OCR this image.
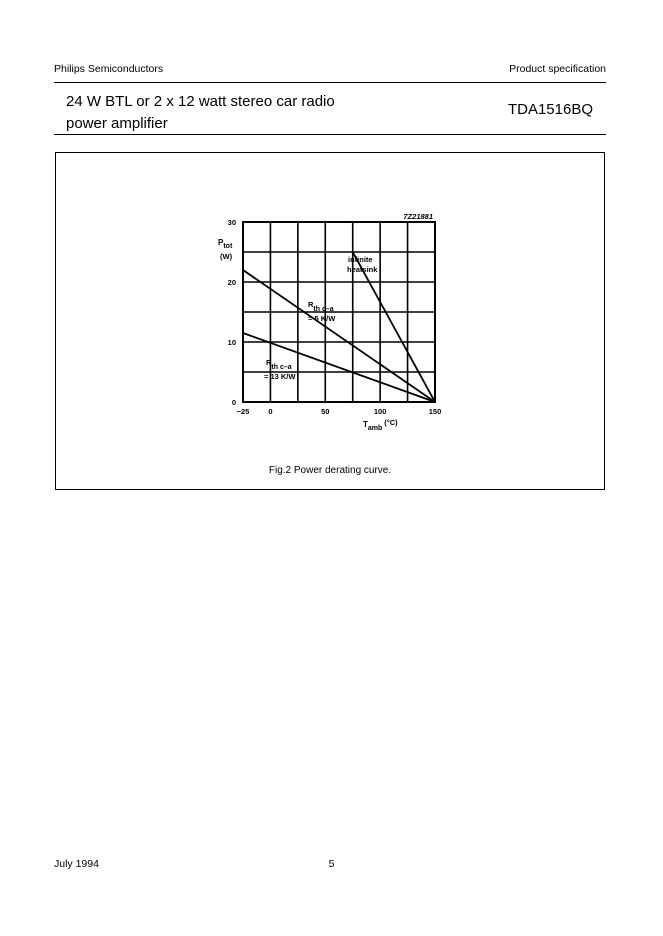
Philips Semiconductors	Product specification
24 W BTL or 2 x 12 watt stereo car radio
power amplifier
TDA1516BQ
0
10
20
30
−25	0	50	100	150
Ptot
(W)
Tamb (°C)
7Z21881
infinite
heatsink
Rth c–a
= 5 K/W
Rth c–a
= 13 K/W
Fig.2 Power derating curve.
July 1994	5
